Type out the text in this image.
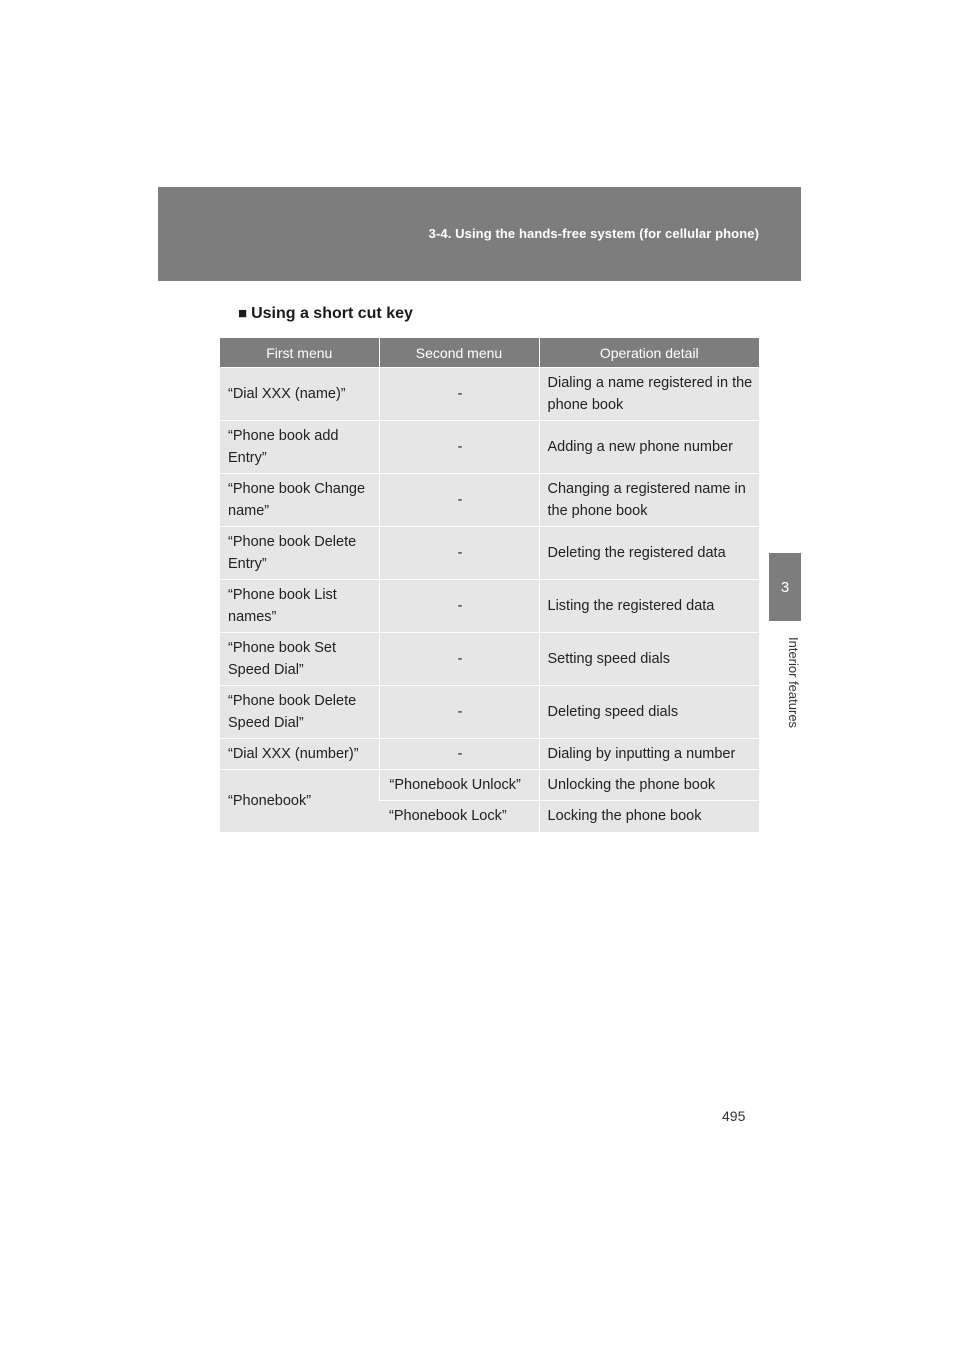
3-4. Using the hands-free system (for cellular phone)
3
Interior features
■ Using a short cut key
First menu	Second menu	Operation detail
“Dial XXX (name)”	-	Dialing a name registered in the phone book
“Phone book add Entry”	-	Adding a new phone number
“Phone book Change name”	-	Changing a registered name in the phone book
“Phone book Delete Entry”	-	Deleting the registered data
“Phone book List names”	-	Listing the registered data
“Phone book Set Speed Dial”	-	Setting speed dials
“Phone book Delete Speed Dial”	-	Deleting speed dials
“Dial XXX (number)”	-	Dialing by inputting a number
“Phonebook”	“Phonebook Unlock”	Unlocking the phone book
	“Phonebook Lock”	Locking the phone book
495
